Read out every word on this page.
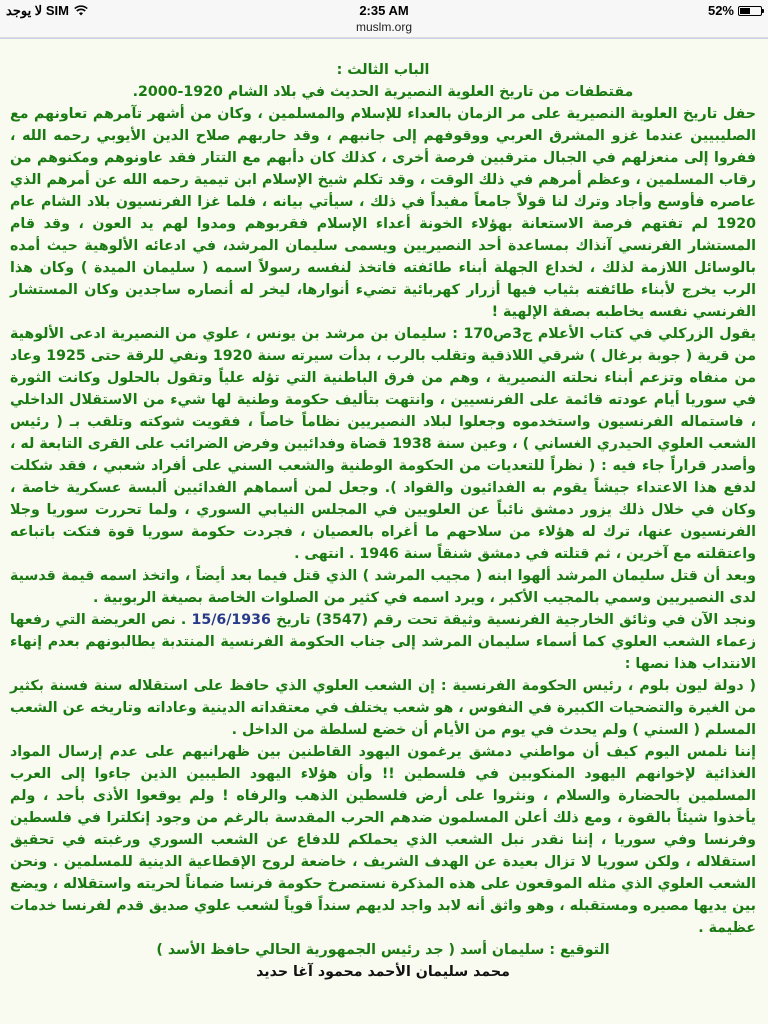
لا يوجد SIM	2:35 AM	52%
muslm.org

الباب الثالث :

مقتطفات من تاريخ العلوية النصيرية الحديث في بلاد الشام 1920-2000.

حفل تاريخ العلوية النصيرية على مر الزمان بالعداء للإسلام والمسلمين ، وكان من أشهر تآمرهم تعاونهم مع الصليبيين عندما غزو المشرق العربي ووقوفهم إلى جانبهم ، وقد حاربهم صلاح الدين الأيوبي رحمه الله ، ففروا إلى منعزلهم في الجبال مترقبين فرصة أخرى ، كذلك كان دأبهم مع التتار فقد عاونوهم ومكنوهم من رقاب المسلمين ، وعظم أمرهم في ذلك الوقت ، وقد تكلم شيخ الإسلام ابن تيمية رحمه الله عن أمرهم الذي عاصره فأوسع وأجاد وترك لنا قولاً جامعاً مفيداً في ذلك ، سيأتي بيانه ، فلما غزا الفرنسيون بلاد الشام عام 1920 لم تفتهم فرصة الاستعانة بهؤلاء الخونة أعداء الإسلام فقربوهم ومدوا لهم يد العون ، وقد قام المستشار الفرنسي آنذاك بمساعدة أحد النصيريين ويسمى سليمان المرشد، في ادعائه الألوهية حيث أمده بالوسائل اللازمة لذلك ، لخداع الجهلة أبناء طائفته فاتخذ لنفسه رسولاً اسمه ( سليمان الميدة ) وكان هذا الرب يخرج لأبناء طائفته بثياب فيها أزرار كهربائية تضيء أنوارها، ليخر له أنصاره ساجدين وكان المستشار الفرنسي نفسه يخاطبه بصفة الإلهية !

يقول الزركلي في كتاب الأعلام ج3ص170 : سليمان بن مرشد بن يونس ، علوي من النصيرية ادعى الألوهية من قرية ( جوبة برغال ) شرقي اللاذقية وتقلب بالرب ، بدأت سيرته سنة 1920 ونفي للرقة حتى 1925 وعاد من منفاه وتزعم أبناء نحلته النصيرية ، وهم من فرق الباطنية التي تؤله علياً وتقول بالحلول وكانت الثورة في سوريا أيام عودته قائمة على الفرنسيين ، وانتهت بتأليف حكومة وطنية لها شيء من الاستقلال الداخلي ، فاستماله الفرنسيون واستخدموه وجعلوا لبلاد النصيريين نظاماً خاصاً ، فقويت شوكته وتلقب بـ ( رئيس الشعب العلوي الحيدري الغساني ) ، وعين سنة 1938 قضاة وفدائيين وفرض الضرائب على القرى التابعة له ، وأصدر قراراً جاء فيه : ( نظراً للتعديات من الحكومة الوطنية والشعب السني على أفراد شعبي ، فقد شكلت لدفع هذا الاعتداء جيشاً يقوم به الفدائيون والقواد ). وجعل لمن أسماهم الفدائيين ألبسة عسكرية خاصة ، وكان في خلال ذلك يزور دمشق نائباً عن العلويين في المجلس النيابي السوري ، ولما تحررت سوريا وجلا الفرنسيون عنها، ترك له هؤلاء من سلاحهم ما أغراه بالعصيان ، فجردت حكومة سوريا قوة فتكت باتباعه واعتقلته مع آخرين ، ثم قتلته في دمشق شنقاً سنة 1946 . انتهى .

وبعد أن قتل سليمان المرشد ألهوا ابنه ( مجيب المرشد ) الذي قتل فيما بعد أيضاً ، واتخذ اسمه قيمة قدسية لدى النصيريين وسمي بالمجيب الأكبر ، ويرد اسمه في كثير من الصلوات الخاصة بصيغة الربوبية .

ونجد الآن في وثائق الخارجية الفرنسية وثيقة تحت رقم (3547) تاريخ 15/6/1936 . نص العريضة التي رفعها زعماء الشعب العلوي كما أسماء سليمان المرشد إلى جناب الحكومة الفرنسية المنتدبة يطالبونهم بعدم إنهاء الانتداب هذا نصها :

( دولة ليون بلوم ، رئيس الحكومة الفرنسية : إن الشعب العلوي الذي حافظ على استقلاله سنة فسنة بكثير من الغيرة والتضحيات الكبيرة في النفوس ، هو شعب يختلف في معتقداته الدينية وعاداته وتاريخه عن الشعب المسلم ( السني ) ولم يحدث في يوم من الأيام أن خضع لسلطة من الداخل .

إننا نلمس اليوم كيف أن مواطني دمشق يرغمون اليهود القاطنين بين ظهرانيهم على عدم إرسال المواد الغذائية لإخوانهم اليهود المنكوبين في فلسطين !! وأن هؤلاء اليهود الطيبين الذين جاءوا إلى العرب المسلمين بالحضارة والسلام ، ونثروا على أرض فلسطين الذهب والرفاه ! ولم يوقعوا الأذى بأحد ، ولم يأخذوا شيئاً بالقوة ، ومع ذلك أعلن المسلمون ضدهم الحرب المقدسة بالرغم من وجود إنكلترا في فلسطين وفرنسا وفي سوريا ، إننا نقدر نبل الشعب الذي يحملكم للدفاع عن الشعب السوري ورغبته في تحقيق استقلاله ، ولكن سوريا لا تزال بعيدة عن الهدف الشريف ، خاضعة لروح الإقطاعية الدينية للمسلمين . ونحن الشعب العلوي الذي مثله الموقعون على هذه المذكرة نستصرخ حكومة فرنسا ضماناً لحريته واستقلاله ، ويضع بين يديها مصيره ومستقبله ، وهو واثق أنه لابد واجد لديهم سنداً قوياً لشعب علوي صديق قدم لفرنسا خدمات عظيمة .

التوقيع : سليمان أسد ( جد رئيس الجمهورية الحالي حافظ الأسد )

محمد سليمان الأحمد محمود آغا حديد
